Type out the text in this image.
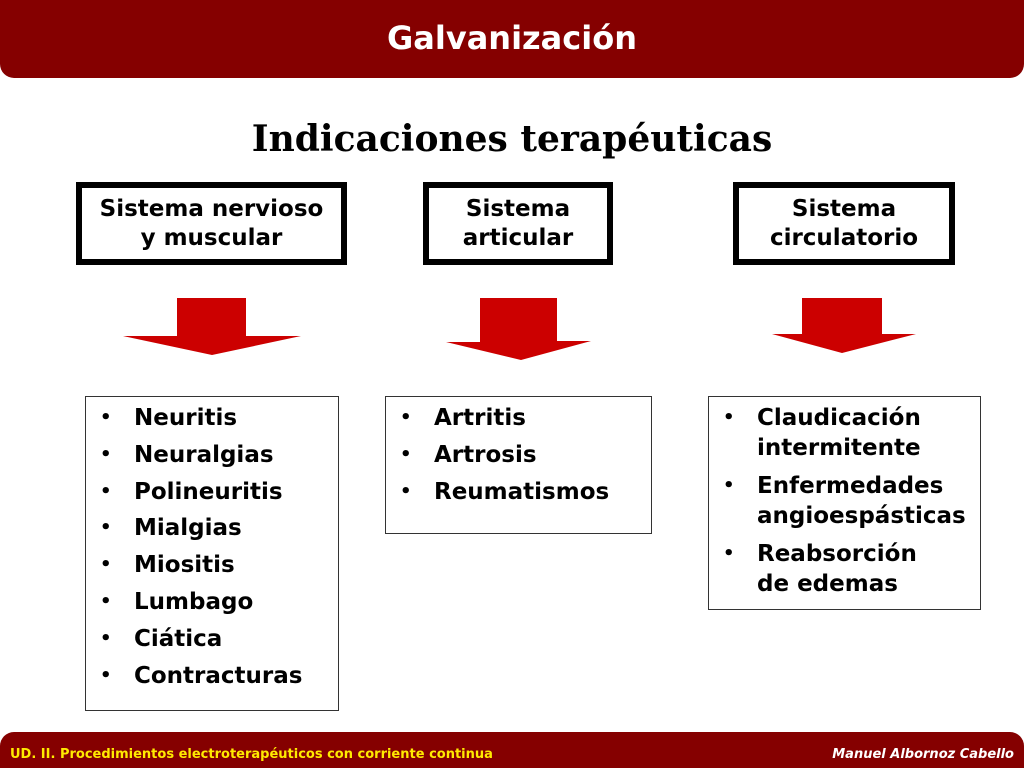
Galvanización
Indicaciones terapéuticas
Sistema nervioso
y muscular
Sistema
articular
Sistema
circulatorio
• Neuritis
• Neuralgias
• Polineuritis
• Mialgias
• Miositis
• Lumbago
• Ciática
• Contracturas
• Artritis
• Artrosis
• Reumatismos
• Claudicación
intermitente
• Enfermedades
angioespásticas
• Reabsorción
de edemas
UD. II. Procedimientos electroterapéuticos con corriente continua	Manuel Albornoz Cabello
